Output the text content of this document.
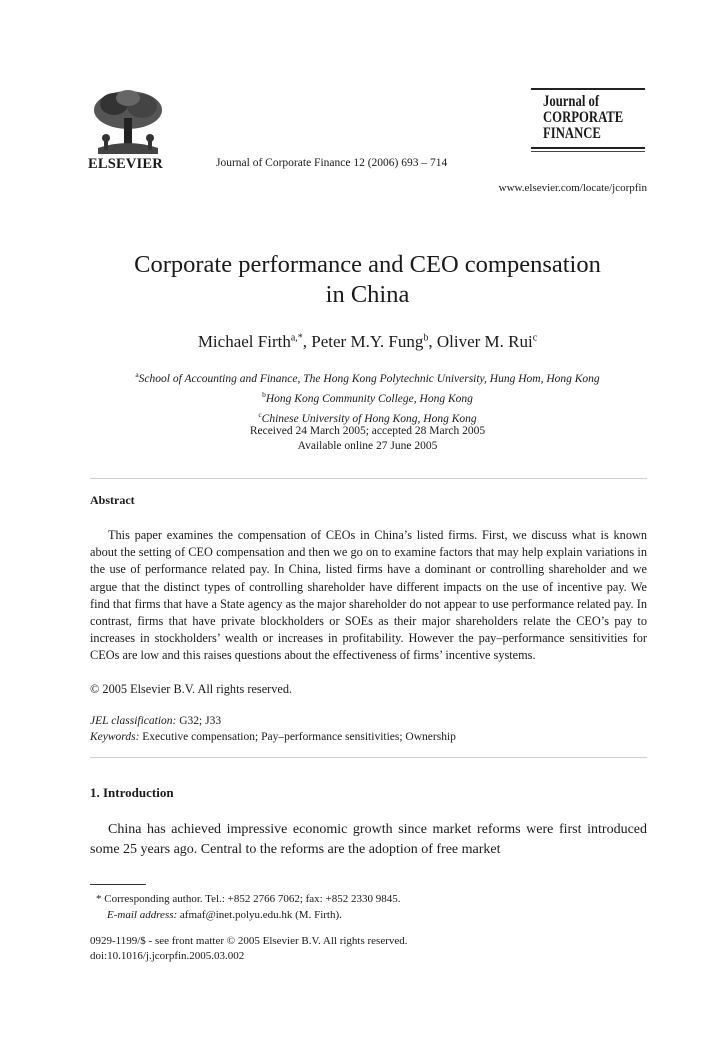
ELSEVIER	Journal of Corporate Finance 12 (2006) 693 – 714
Journal of
CORPORATE
FINANCE
www.elsevier.com/locate/jcorpfin
Corporate performance and CEO compensation
in China
Michael Firth$^{a,*}$, Peter M.Y. Fung$^b$, Oliver M. Rui$^c$
$^a$School of Accounting and Finance, The Hong Kong Polytechnic University, Hung Hom, Hong Kong
$^b$Hong Kong Community College, Hong Kong
$^c$Chinese University of Hong Kong, Hong Kong
Received 24 March 2005; accepted 28 March 2005
Available online 27 June 2005
Abstract
This paper examines the compensation of CEOs in China’s listed firms. First, we discuss what is known about the setting of CEO compensation and then we go on to examine factors that may help explain variations in the use of performance related pay. In China, listed firms have a dominant or controlling shareholder and we argue that the distinct types of controlling shareholder have different impacts on the use of incentive pay. We find that firms that have a State agency as the major shareholder do not appear to use performance related pay. In contrast, firms that have private blockholders or SOEs as their major shareholders relate the CEO’s pay to increases in stockholders’ wealth or increases in profitability. However the pay–performance sensitivities for CEOs are low and this raises questions about the effectiveness of firms’ incentive systems.
© 2005 Elsevier B.V. All rights reserved.
JEL classification: G32; J33
Keywords: Executive compensation; Pay–performance sensitivities; Ownership
1. Introduction
China has achieved impressive economic growth since market reforms were first introduced some 25 years ago. Central to the reforms are the adoption of free market
* Corresponding author. Tel.: +852 2766 7062; fax: +852 2330 9845.
E-mail address: afmaf@inet.polyu.edu.hk (M. Firth).
0929-1199/$ - see front matter © 2005 Elsevier B.V. All rights reserved.
doi:10.1016/j.jcorpfin.2005.03.002
